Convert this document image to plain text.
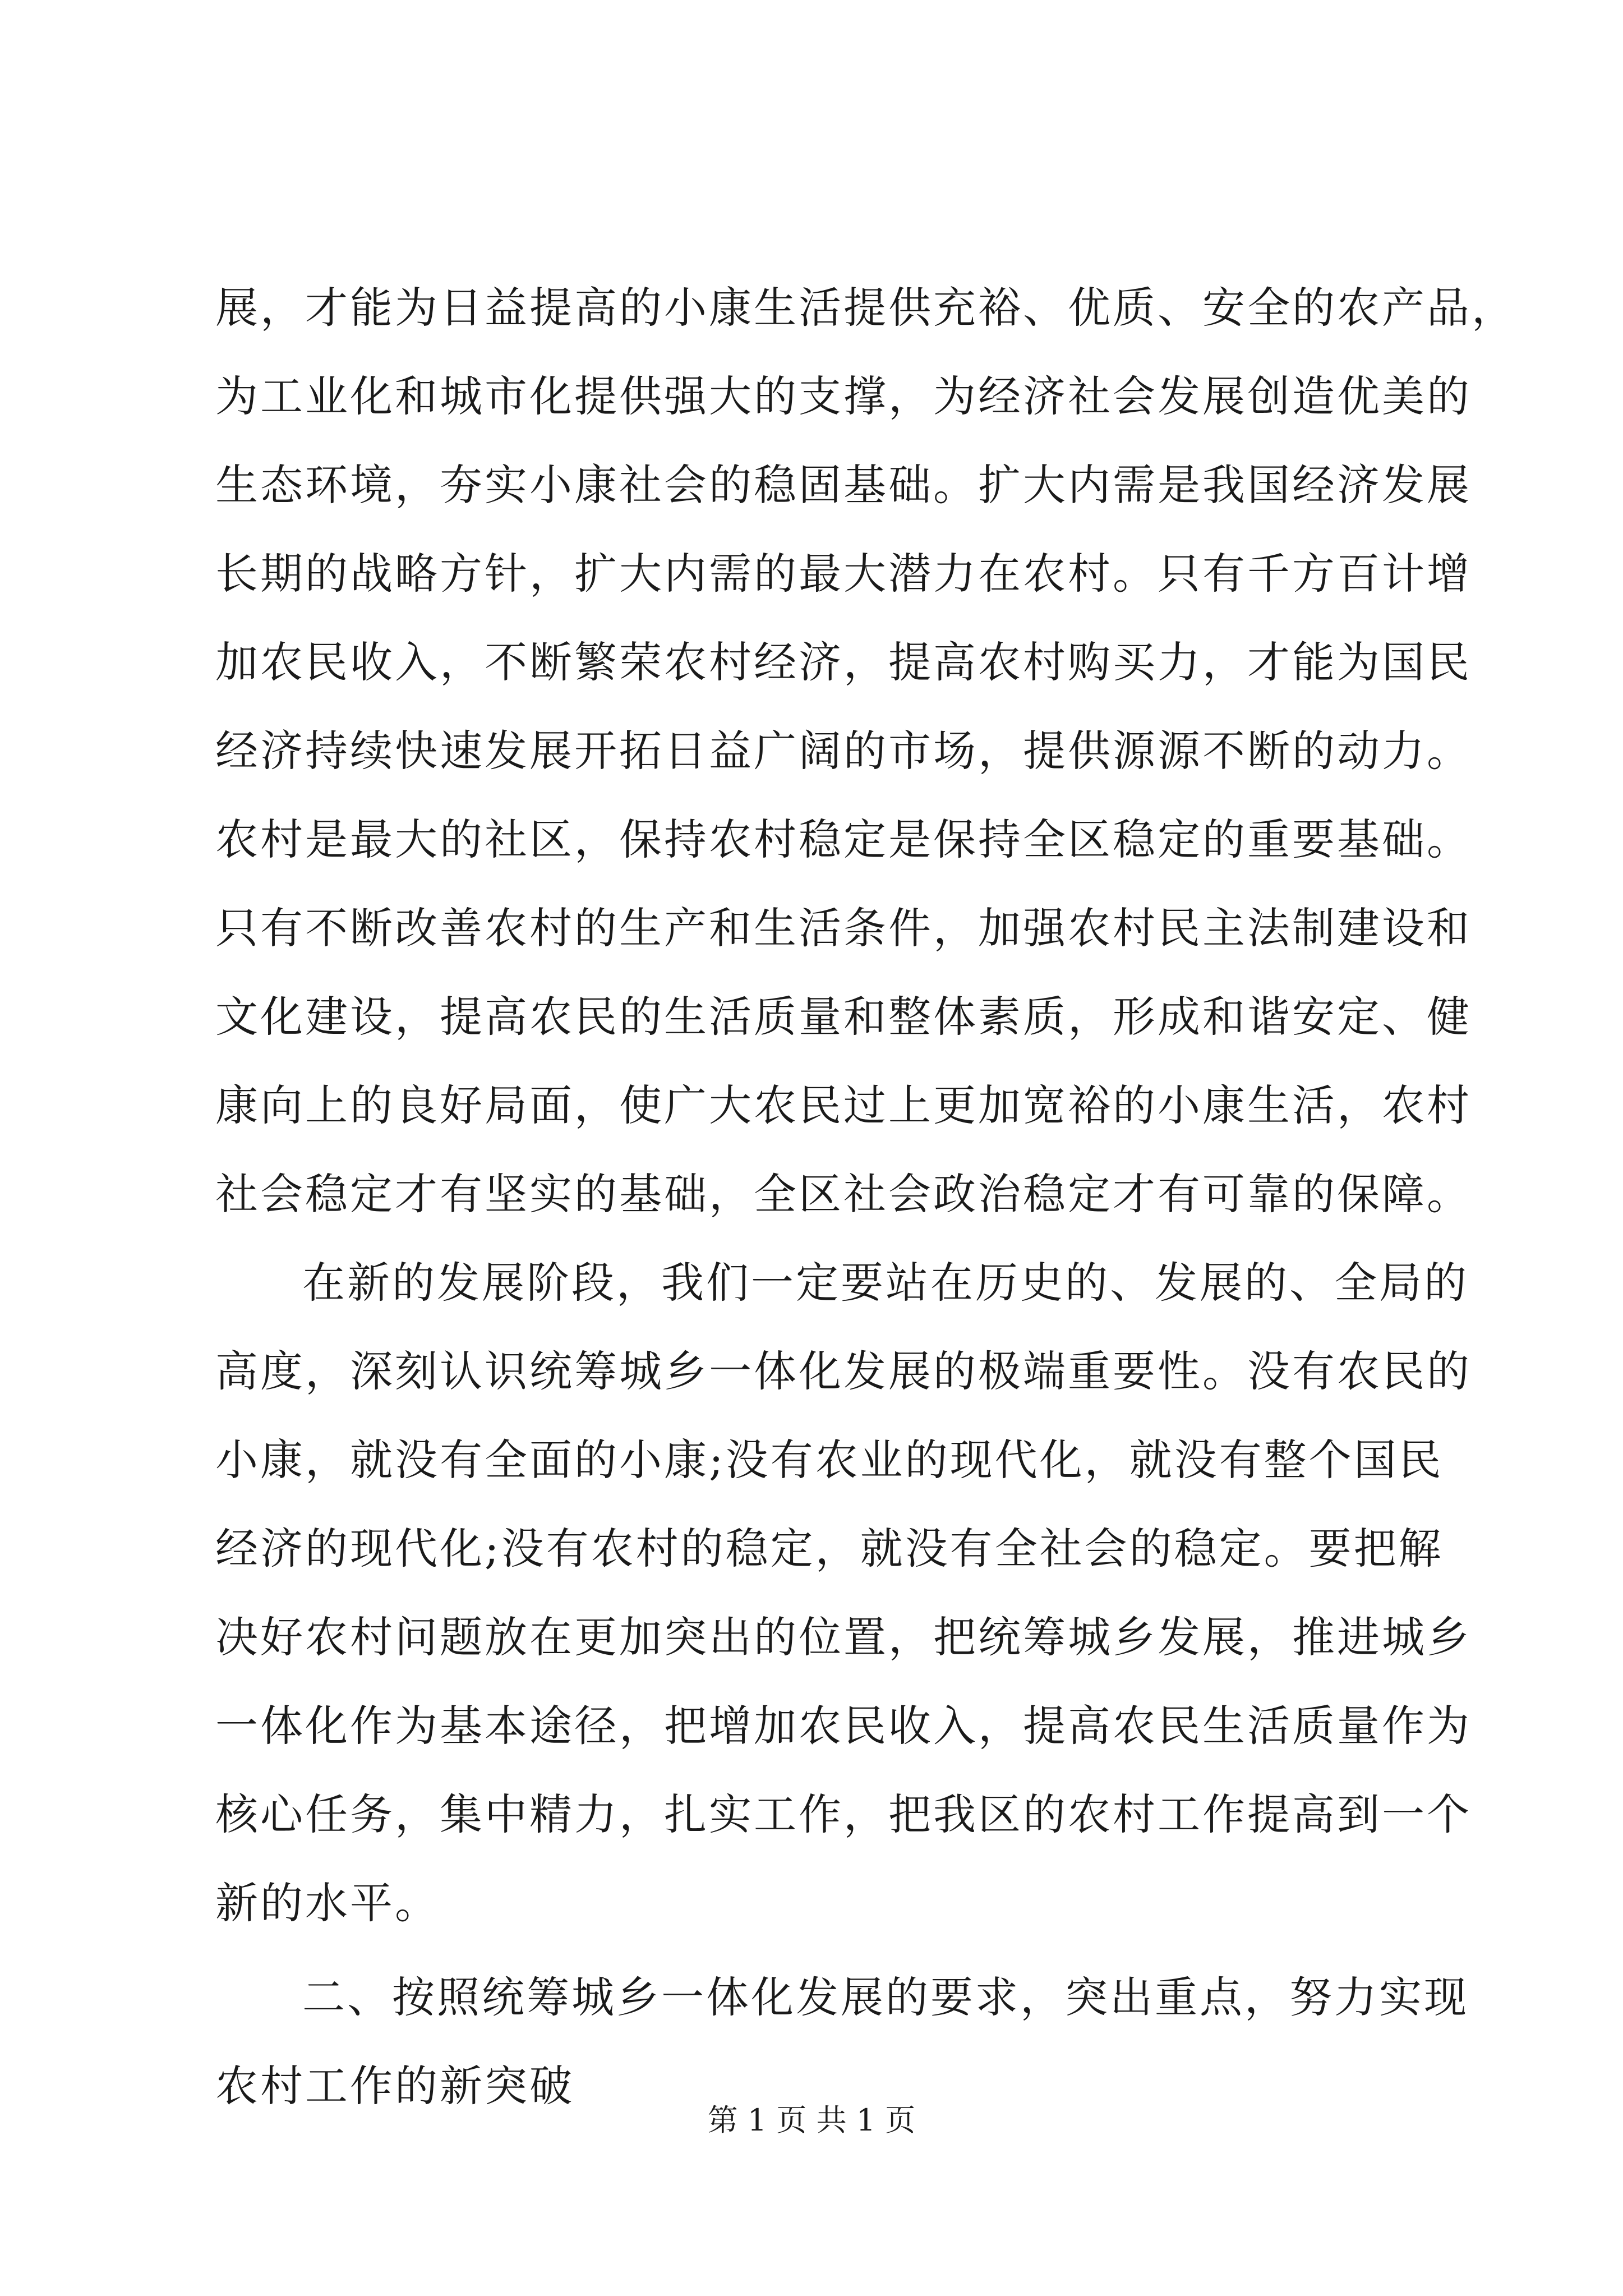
展，才能为日益提高的小康生活提供充裕、优质、安全的农产品，
为工业化和城市化提供强大的支撑，为经济社会发展创造优美的
生态环境，夯实小康社会的稳固基础。扩大内需是我国经济发展
长期的战略方针，扩大内需的最大潜力在农村。只有千方百计增
加农民收入，不断繁荣农村经济，提高农村购买力，才能为国民
经济持续快速发展开拓日益广阔的市场，提供源源不断的动力。
农村是最大的社区，保持农村稳定是保持全区稳定的重要基础。
只有不断改善农村的生产和生活条件，加强农村民主法制建设和
文化建设，提高农民的生活质量和整体素质，形成和谐安定、健
康向上的良好局面，使广大农民过上更加宽裕的小康生活，农村
社会稳定才有坚实的基础，全区社会政治稳定才有可靠的保障。
在新的发展阶段，我们一定要站在历史的、发展的、全局的
高度，深刻认识统筹城乡一体化发展的极端重要性。没有农民的
小康，就没有全面的小康;没有农业的现代化，就没有整个国民
经济的现代化;没有农村的稳定，就没有全社会的稳定。要把解
决好农村问题放在更加突出的位置，把统筹城乡发展，推进城乡
一体化作为基本途径，把增加农民收入，提高农民生活质量作为
核心任务，集中精力，扎实工作，把我区的农村工作提高到一个
新的水平。
二、按照统筹城乡一体化发展的要求，突出重点，努力实现
农村工作的新突破
第 1 页 共 1 页
